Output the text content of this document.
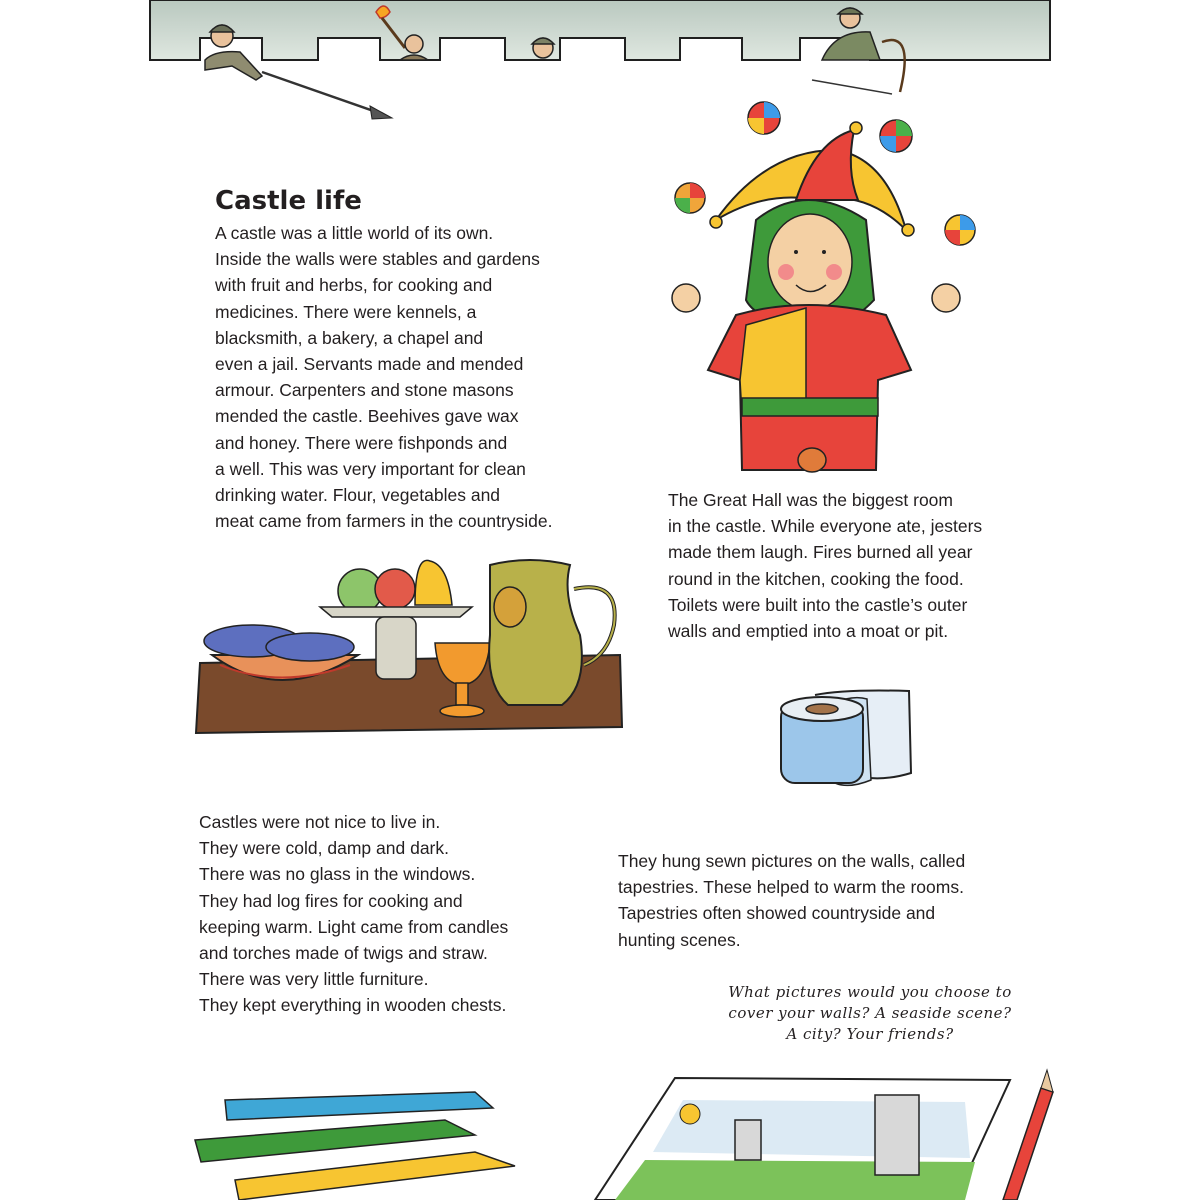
Castle life
A castle was a little world of its own.
Inside the walls were stables and gardens
with fruit and herbs, for cooking and
medicines. There were kennels, a
blacksmith, a bakery, a chapel and
even a jail. Servants made and mended
armour. Carpenters and stone masons
mended the castle. Beehives gave wax
and honey. There were fishponds and
a well. This was very important for clean
drinking water. Flour, vegetables and
meat came from farmers in the countryside.
The Great Hall was the biggest room
in the castle. While everyone ate, jesters
made them laugh. Fires burned all year
round in the kitchen, cooking the food.
Toilets were built into the castle’s outer
walls and emptied into a moat or pit.
Castles were not nice to live in.
They were cold, damp and dark.
There was no glass in the windows.
They had log fires for cooking and
keeping warm. Light came from candles
and torches made of twigs and straw.
There was very little furniture.
They kept everything in wooden chests.
They hung sewn pictures on the walls, called
tapestries. These helped to warm the rooms.
Tapestries often showed countryside and
hunting scenes.
What pictures would you choose to
cover your walls? A seaside scene?
A city? Your friends?
